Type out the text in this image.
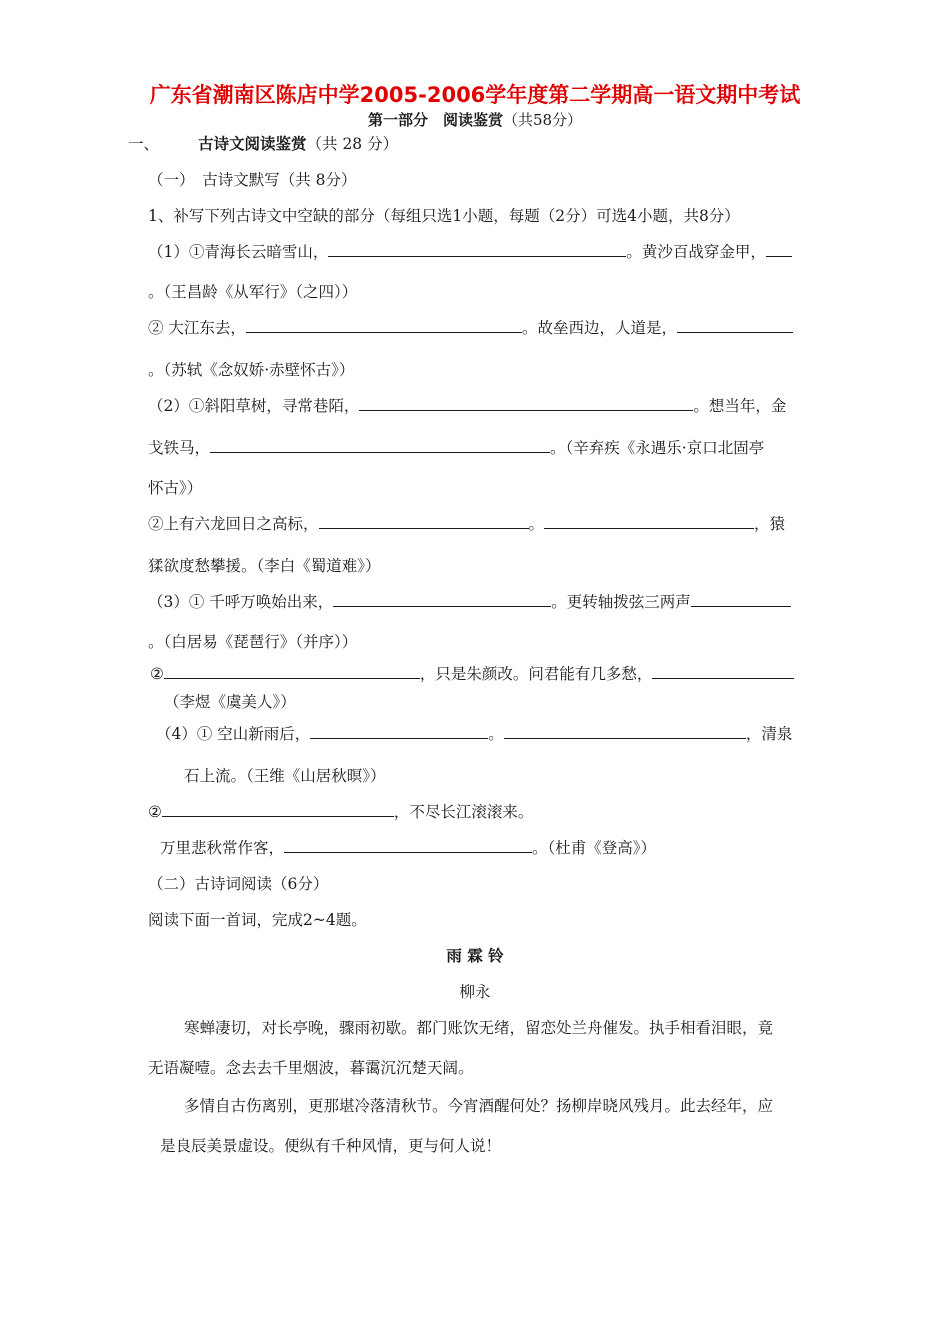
广东省潮南区陈店中学2005-2006学年度第二学期高一语文期中考试
第一部分　阅读鉴赏（共58分）
一、	古诗文阅读鉴赏（共 28 分）
（一）　古诗文默写（共 8分）
1、补写下列古诗文中空缺的部分（每组只选1小题，每题（2分）可选4小题，共8分）
（1）①青海长云暗雪山，	。黄沙百战穿金甲，
。（王昌龄《从军行》（之四））
② 大江东去，	。故垒西边，人道是，
。（苏轼《念奴娇·赤壁怀古》）
（2）①斜阳草树，寻常巷陌，	。想当年，金
戈铁马，	。（辛弃疾《永遇乐·京口北固亭
怀古》）
②上有六龙回日之高标，	。	，猿
猱欲度愁攀援。（李白《蜀道难》）
（3）① 千呼万唤始出来，	。更转轴拨弦三两声
。（白居易《琵琶行》（并序））
②	，只是朱颜改。问君能有几多愁，
（李煜《虞美人》）
（4）① 空山新雨后，	。	，清泉
石上流。（王维《山居秋暝》）
②	，不尽长江滚滚来。
万里悲秋常作客，	。（杜甫《登高》）
（二）古诗词阅读（6分）
阅读下面一首词，完成2~4题。
雨 霖 铃
柳永
寒蝉凄切，对长亭晚，骤雨初歇。都门账饮无绪，留恋处兰舟催发。执手相看泪眼，竟
无语凝噎。念去去千里烟波，暮霭沉沉楚天阔。
多情自古伤离别，更那堪冷落清秋节。今宵酒醒何处？扬柳岸晓风残月。此去经年，应
是良辰美景虚设。便纵有千种风情，更与何人说！
